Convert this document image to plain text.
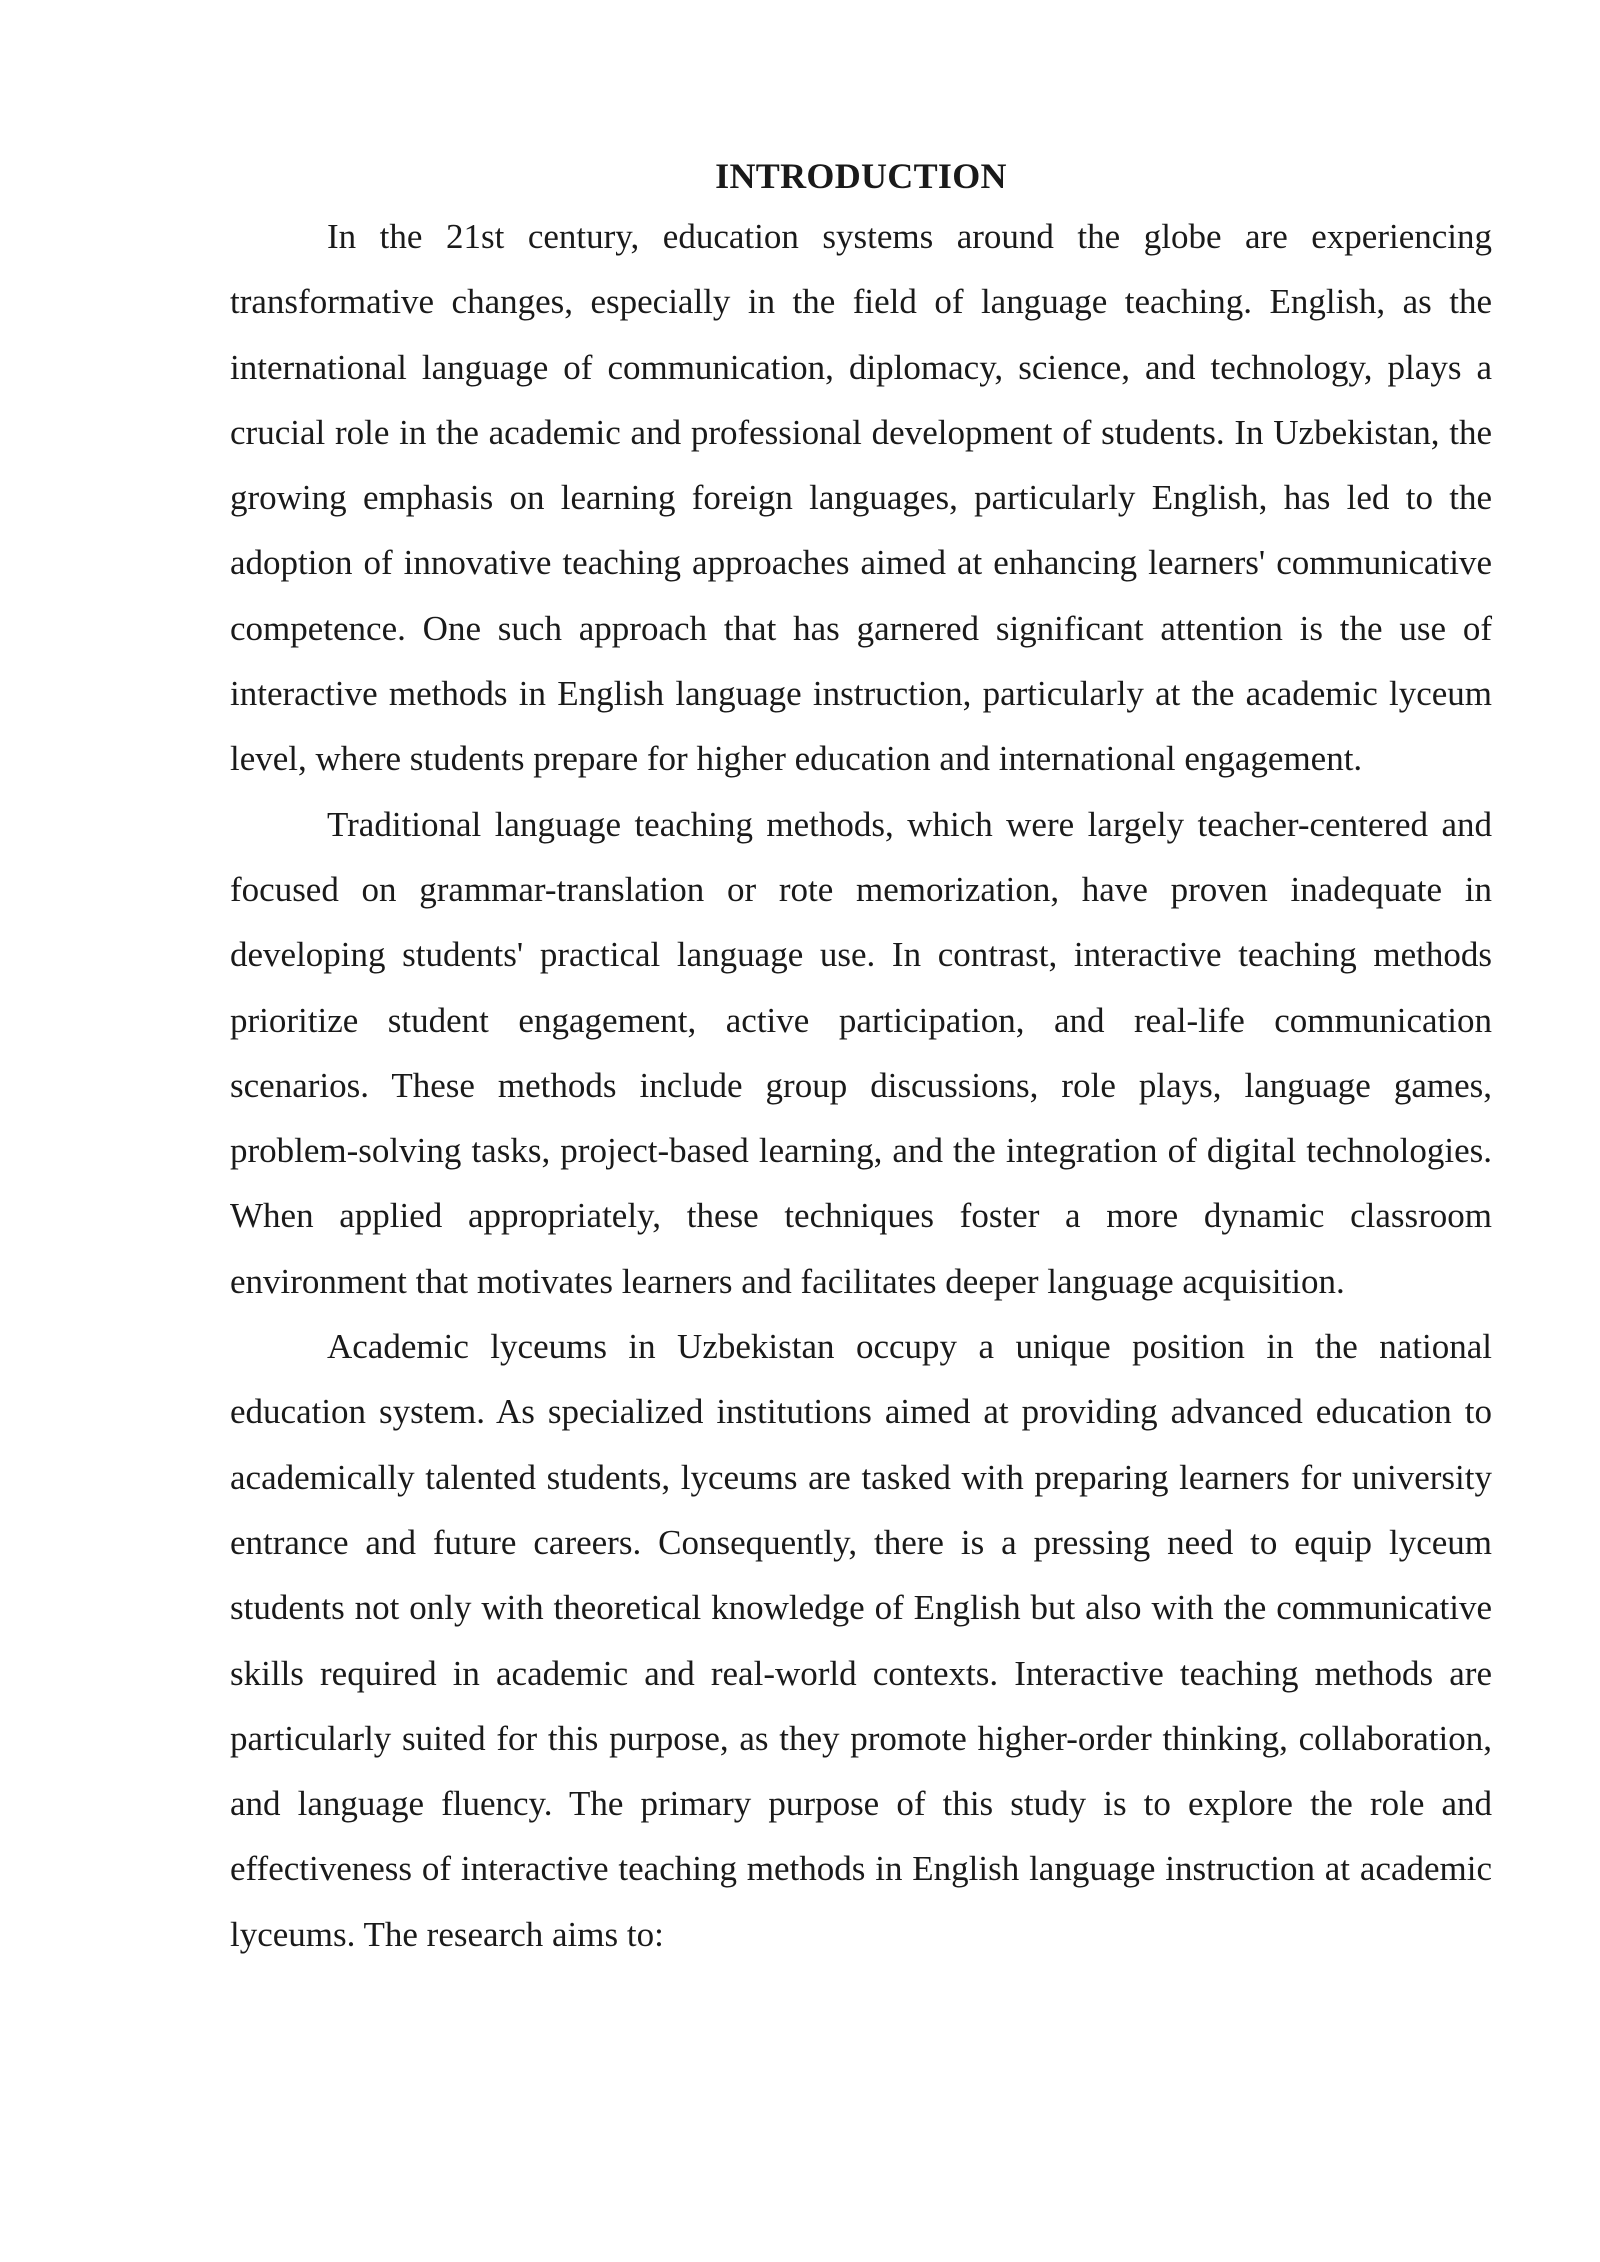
INTRODUCTION

In the 21st century, education systems around the globe are experiencing transformative changes, especially in the field of language teaching. English, as the international language of communication, diplomacy, science, and technology, plays a crucial role in the academic and professional development of students. In Uzbekistan, the growing emphasis on learning foreign languages, particularly English, has led to the adoption of innovative teaching approaches aimed at enhancing learners' communicative competence. One such approach that has garnered significant attention is the use of interactive methods in English language instruction, particularly at the academic lyceum level, where students prepare for higher education and international engagement.

Traditional language teaching methods, which were largely teacher-centered and focused on grammar-translation or rote memorization, have proven inadequate in developing students' practical language use. In contrast, interactive teaching methods prioritize student engagement, active participation, and real-life communication scenarios. These methods include group discussions, role plays, language games, problem-solving tasks, project-based learning, and the integration of digital technologies. When applied appropriately, these techniques foster a more dynamic classroom environment that motivates learners and facilitates deeper language acquisition.

Academic lyceums in Uzbekistan occupy a unique position in the national education system. As specialized institutions aimed at providing advanced education to academically talented students, lyceums are tasked with preparing learners for university entrance and future careers. Consequently, there is a pressing need to equip lyceum students not only with theoretical knowledge of English but also with the communicative skills required in academic and real-world contexts. Interactive teaching methods are particularly suited for this purpose, as they promote higher-order thinking, collaboration, and language fluency. The primary purpose of this study is to explore the role and effectiveness of interactive teaching methods in English language instruction at academic lyceums. The research aims to:
